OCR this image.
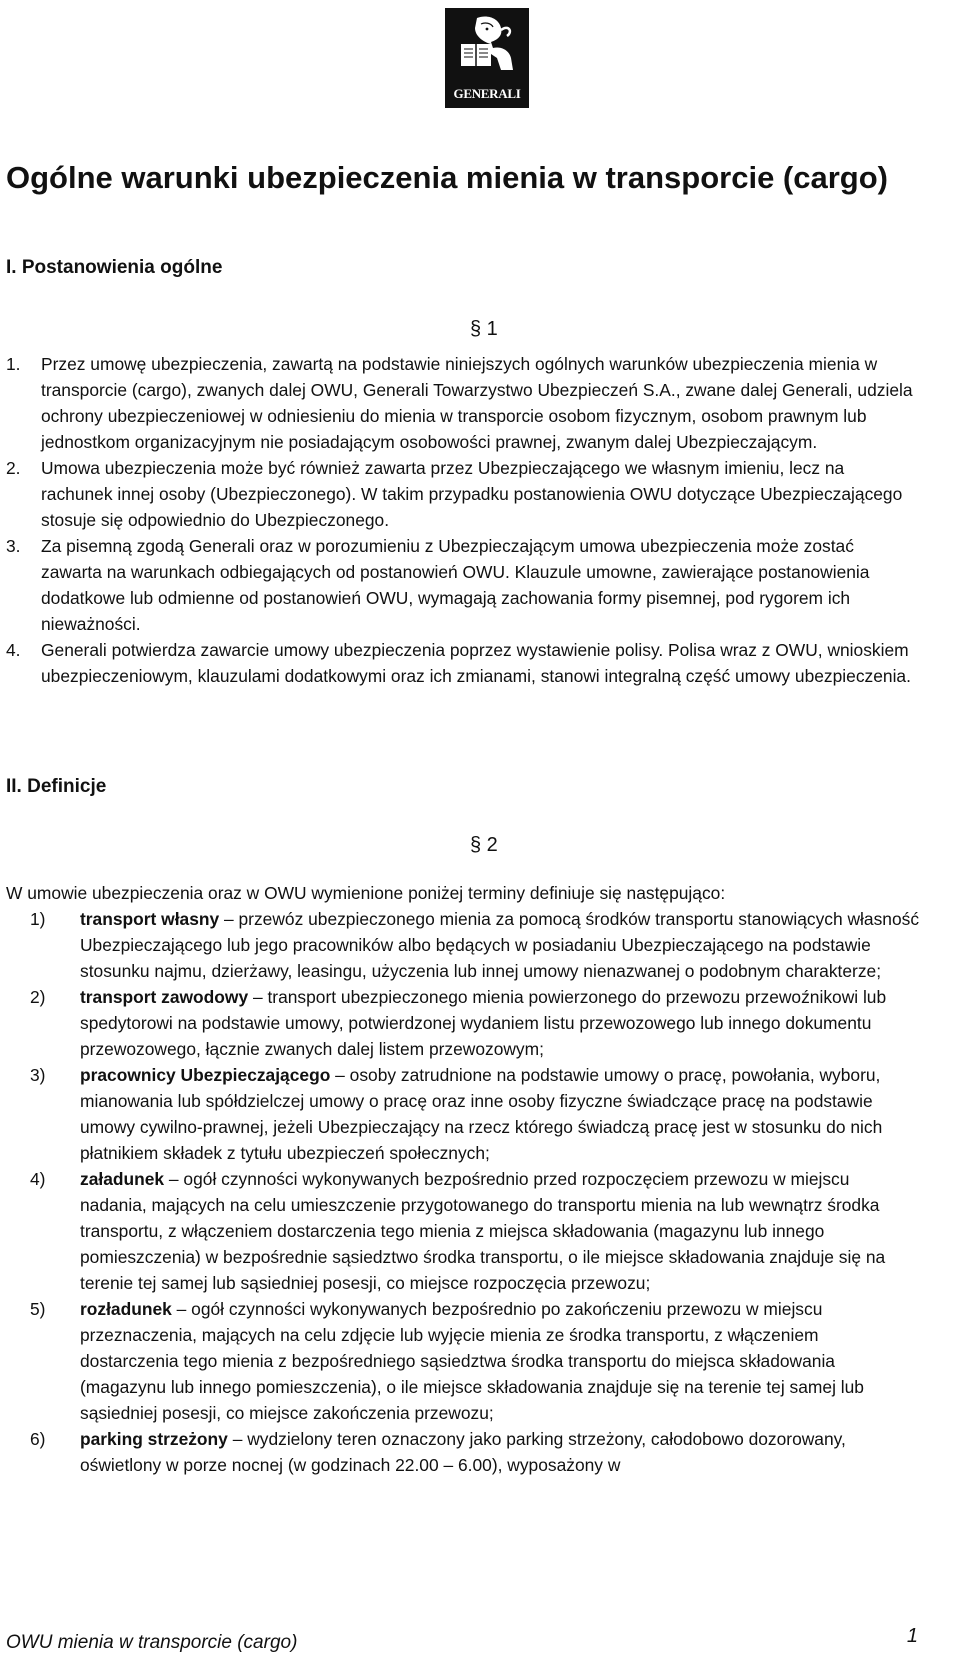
GENERALI
Ogólne warunki ubezpieczenia mienia w transporcie (cargo)
I. Postanowienia ogólne
§ 1
1. Przez umowę ubezpieczenia, zawartą na podstawie niniejszych ogólnych warunków ubezpieczenia mienia w transporcie (cargo), zwanych dalej OWU, Generali Towarzystwo Ubezpieczeń S.A., zwane dalej Generali, udziela ochrony ubezpieczeniowej w odniesieniu do mienia w transporcie osobom fizycznym, osobom prawnym lub jednostkom organizacyjnym nie posiadającym osobowości prawnej, zwanym dalej Ubezpieczającym.
2. Umowa ubezpieczenia może być również zawarta przez Ubezpieczającego we własnym imieniu, lecz na rachunek innej osoby (Ubezpieczonego). W takim przypadku postanowienia OWU dotyczące Ubezpieczającego stosuje się odpowiednio do Ubezpieczonego.
3. Za pisemną zgodą Generali oraz w porozumieniu z Ubezpieczającym umowa ubezpieczenia może zostać zawarta na warunkach odbiegających od postanowień OWU. Klauzule umowne, zawierające postanowienia dodatkowe lub odmienne od postanowień OWU, wymagają zachowania formy pisemnej, pod rygorem ich nieważności.
4. Generali potwierdza zawarcie umowy ubezpieczenia poprzez wystawienie polisy. Polisa wraz z OWU, wnioskiem ubezpieczeniowym, klauzulami dodatkowymi oraz ich zmianami, stanowi integralną część umowy ubezpieczenia.
II. Definicje
§ 2

W umowie ubezpieczenia oraz w OWU wymienione poniżej terminy definiuje się następująco:

1) transport własny – przewóz ubezpieczonego mienia za pomocą środków transportu stanowiących własność Ubezpieczającego lub jego pracowników albo będących w posiadaniu Ubezpieczającego na podstawie stosunku najmu, dzierżawy, leasingu, użyczenia lub innej umowy nienazwanej o podobnym charakterze;
2) transport zawodowy – transport ubezpieczonego mienia powierzonego do przewozu przewoźnikowi lub spedytorowi na podstawie umowy, potwierdzonej wydaniem listu przewozowego lub innego dokumentu przewozowego, łącznie zwanych dalej listem przewozowym;
3) pracownicy Ubezpieczającego – osoby zatrudnione na podstawie umowy o pracę, powołania, wyboru, mianowania lub spółdzielczej umowy o pracę oraz inne osoby fizyczne świadczące pracę na podstawie umowy cywilno-prawnej, jeżeli Ubezpieczający na rzecz którego świadczą pracę jest w stosunku do nich płatnikiem składek z tytułu ubezpieczeń społecznych;
4) załadunek – ogół czynności wykonywanych bezpośrednio przed rozpoczęciem przewozu w miejscu nadania, mających na celu umieszczenie przygotowanego do transportu mienia na lub wewnątrz środka transportu, z włączeniem dostarczenia tego mienia z miejsca składowania (magazynu lub innego pomieszczenia) w bezpośrednie sąsiedztwo środka transportu, o ile miejsce składowania znajduje się na terenie tej samej lub sąsiedniej posesji, co miejsce rozpoczęcia przewozu;
5) rozładunek – ogół czynności wykonywanych bezpośrednio po zakończeniu przewozu w miejscu przeznaczenia, mających na celu zdjęcie lub wyjęcie mienia ze środka transportu, z włączeniem dostarczenia tego mienia z bezpośredniego sąsiedztwa środka transportu do miejsca składowania (magazynu lub innego pomieszczenia), o ile miejsce składowania znajduje się na terenie tej samej lub sąsiedniej posesji, co miejsce zakończenia przewozu;
6) parking strzeżony – wydzielony teren oznaczony jako parking strzeżony, całodobowo dozorowany, oświetlony w porze nocnej (w godzinach 22.00 – 6.00), wyposażony w
OWU mienia w transporcie (cargo)	1
